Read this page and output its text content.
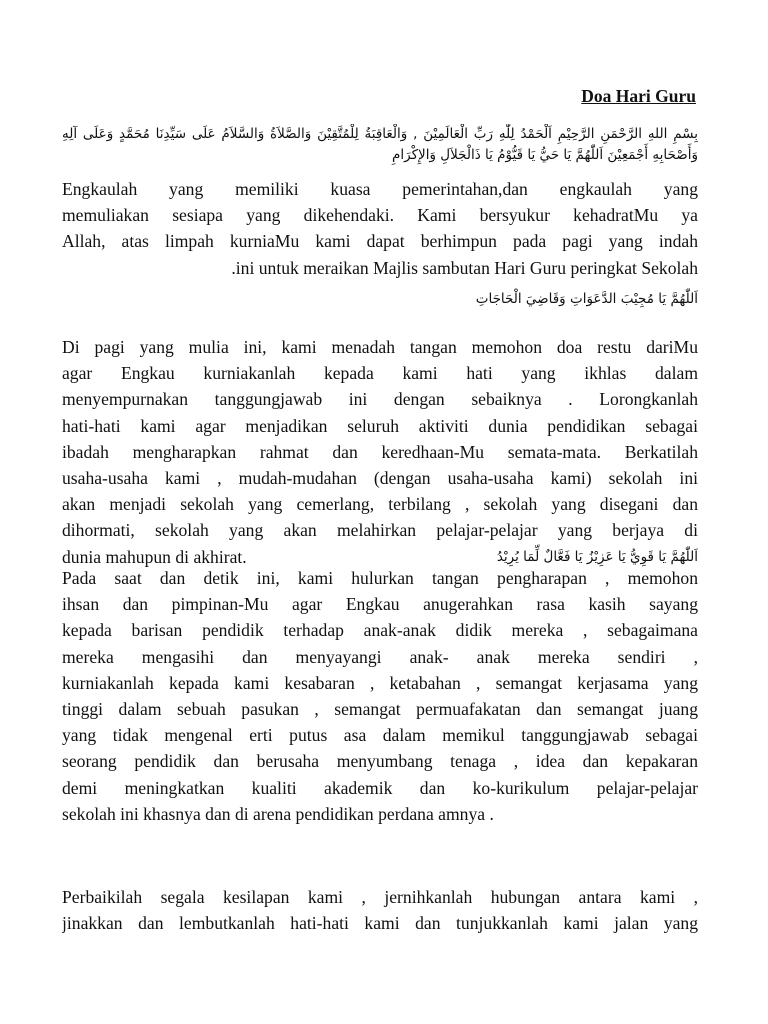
Doa Hari Guru
بِسْمِ اللهِ الرَّحْمَنِ الرَّحِيْمِ اَلْحَمْدُ لِلّٰهِ رَبِّ الْعَالَمِيْنَ , وَالْعَاقِبَةُ لِلْمُتَّقِيْنَ وَالصَّلاَةُ وَالسَّلاَمُ عَلَى سَيِّدِنَا مُحَمَّدٍ وَعَلَى آلِهِ وَأَصْحَابِهِ أَجْمَعِيْنَ اَللّٰهُمَّ يَا حَيُّ يَا قَيُّوْمُ يَا ذَالْجَلاَلِ وَالإِكْرَامِ
Engkaulah yang memiliki kuasa pemerintahan,dan engkaulah yang
memuliakan sesiapa yang dikehendaki. Kami bersyukur kehadratMu ya
Allah, atas limpah kurniaMu kami dapat berhimpun pada pagi yang indah
.ini untuk meraikan Majlis sambutan Hari Guru peringkat Sekolah
اَللّٰهُمَّ يَا مُجِيْبَ الدَّعَوَاتِ وَقَاضِيَ الْحَاجَاتِ
Di pagi yang mulia ini, kami menadah tangan memohon doa restu dariMu
agar Engkau kurniakanlah kepada kami hati yang ikhlas dalam
menyempurnakan tanggungjawab ini dengan sebaiknya . Lorongkanlah
hati-hati kami agar menjadikan seluruh aktiviti dunia pendidikan sebagai
ibadah mengharapkan rahmat dan keredhaan-Mu semata-mata. Berkatilah
usaha-usaha kami , mudah-mudahan (dengan usaha-usaha kami) sekolah ini
akan menjadi sekolah yang cemerlang, terbilang , sekolah yang disegani dan
dihormati, sekolah yang akan melahirkan pelajar-pelajar yang berjaya di
dunia mahupun di akhirat.	اَللّٰهُمَّ يَا قَوِيُّ يَا عَزِيْزُ يَا فَعَّالٌ لِّمَا يُرِيْدُ
Pada saat dan detik ini, kami hulurkan tangan pengharapan , memohon
ihsan dan pimpinan-Mu agar Engkau anugerahkan rasa kasih sayang
kepada barisan pendidik terhadap anak-anak didik mereka , sebagaimana
mereka mengasihi dan menyayangi anak- anak mereka sendiri ,
kurniakanlah kepada kami kesabaran , ketabahan , semangat kerjasama yang
tinggi dalam sebuah pasukan , semangat permuafakatan dan semangat juang
yang tidak mengenal erti putus asa dalam memikul tanggungjawab sebagai
seorang pendidik dan berusaha menyumbang tenaga , idea dan kepakaran
demi meningkatkan kualiti akademik dan ko-kurikulum pelajar-pelajar
sekolah ini khasnya dan di arena pendidikan perdana amnya .
Perbaikilah segala kesilapan kami , jernihkanlah hubungan antara kami ,
jinakkan dan lembutkanlah hati-hati kami dan tunjukkanlah kami jalan yang
